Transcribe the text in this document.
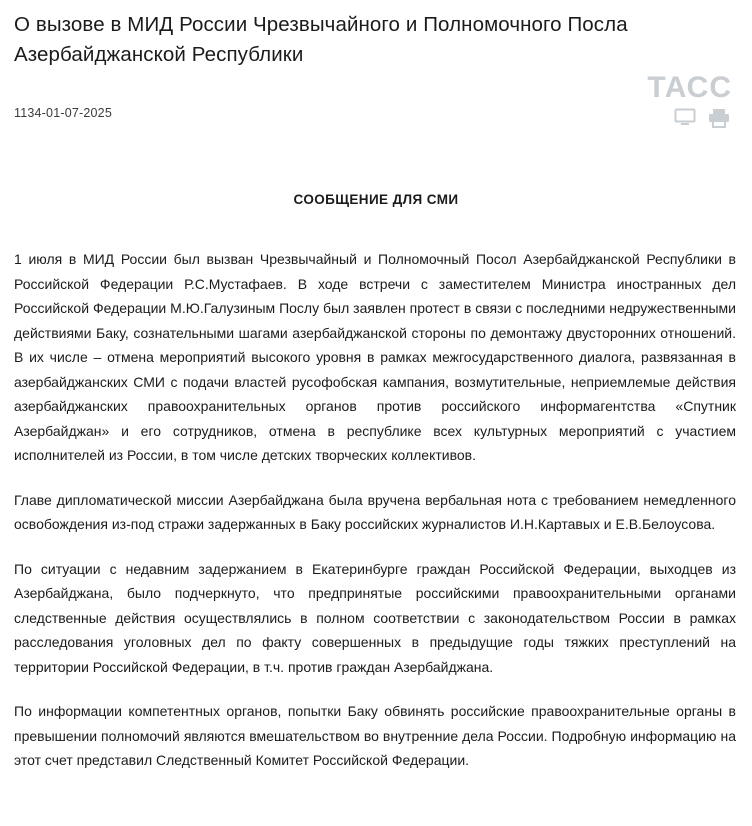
О вызове в МИД России Чрезвычайного и Полномочного Посла Азербайджанской Республики
1134-01-07-2025
ТАСС
СООБЩЕНИЕ ДЛЯ СМИ

1 июля в МИД России был вызван Чрезвычайный и Полномочный Посол Азербайджанской Республики в Российской Федерации Р.С.Мустафаев. В ходе встречи с заместителем Министра иностранных дел Российской Федерации М.Ю.Галузиным Послу был заявлен протест в связи с последними недружественными действиями Баку, сознательными шагами азербайджанской стороны по демонтажу двусторонних отношений. В их числе – отмена мероприятий высокого уровня в рамках межгосударственного диалога, развязанная в азербайджанских СМИ с подачи властей русофобская кампания, возмутительные, неприемлемые действия азербайджанских правоохранительных органов против российского информагентства «Спутник Азербайджан» и его сотрудников, отмена в республике всех культурных мероприятий с участием исполнителей из России, в том числе детских творческих коллективов.

Главе дипломатической миссии Азербайджана была вручена вербальная нота с требованием немедленного освобождения из-под стражи задержанных в Баку российских журналистов И.Н.Картавых и Е.В.Белоусова.

По ситуации с недавним задержанием в Екатеринбурге граждан Российской Федерации, выходцев из Азербайджана, было подчеркнуто, что предпринятые российскими правоохранительными органами следственные действия осуществлялись в полном соответствии с законодательством России в рамках расследования уголовных дел по факту совершенных в предыдущие годы тяжких преступлений на территории Российской Федерации, в т.ч. против граждан Азербайджана.

По информации компетентных органов, попытки Баку обвинять российские правоохранительные органы в превышении полномочий являются вмешательством во внутренние дела России. Подробную информацию на этот счет представил Следственный Комитет Российской Федерации.
